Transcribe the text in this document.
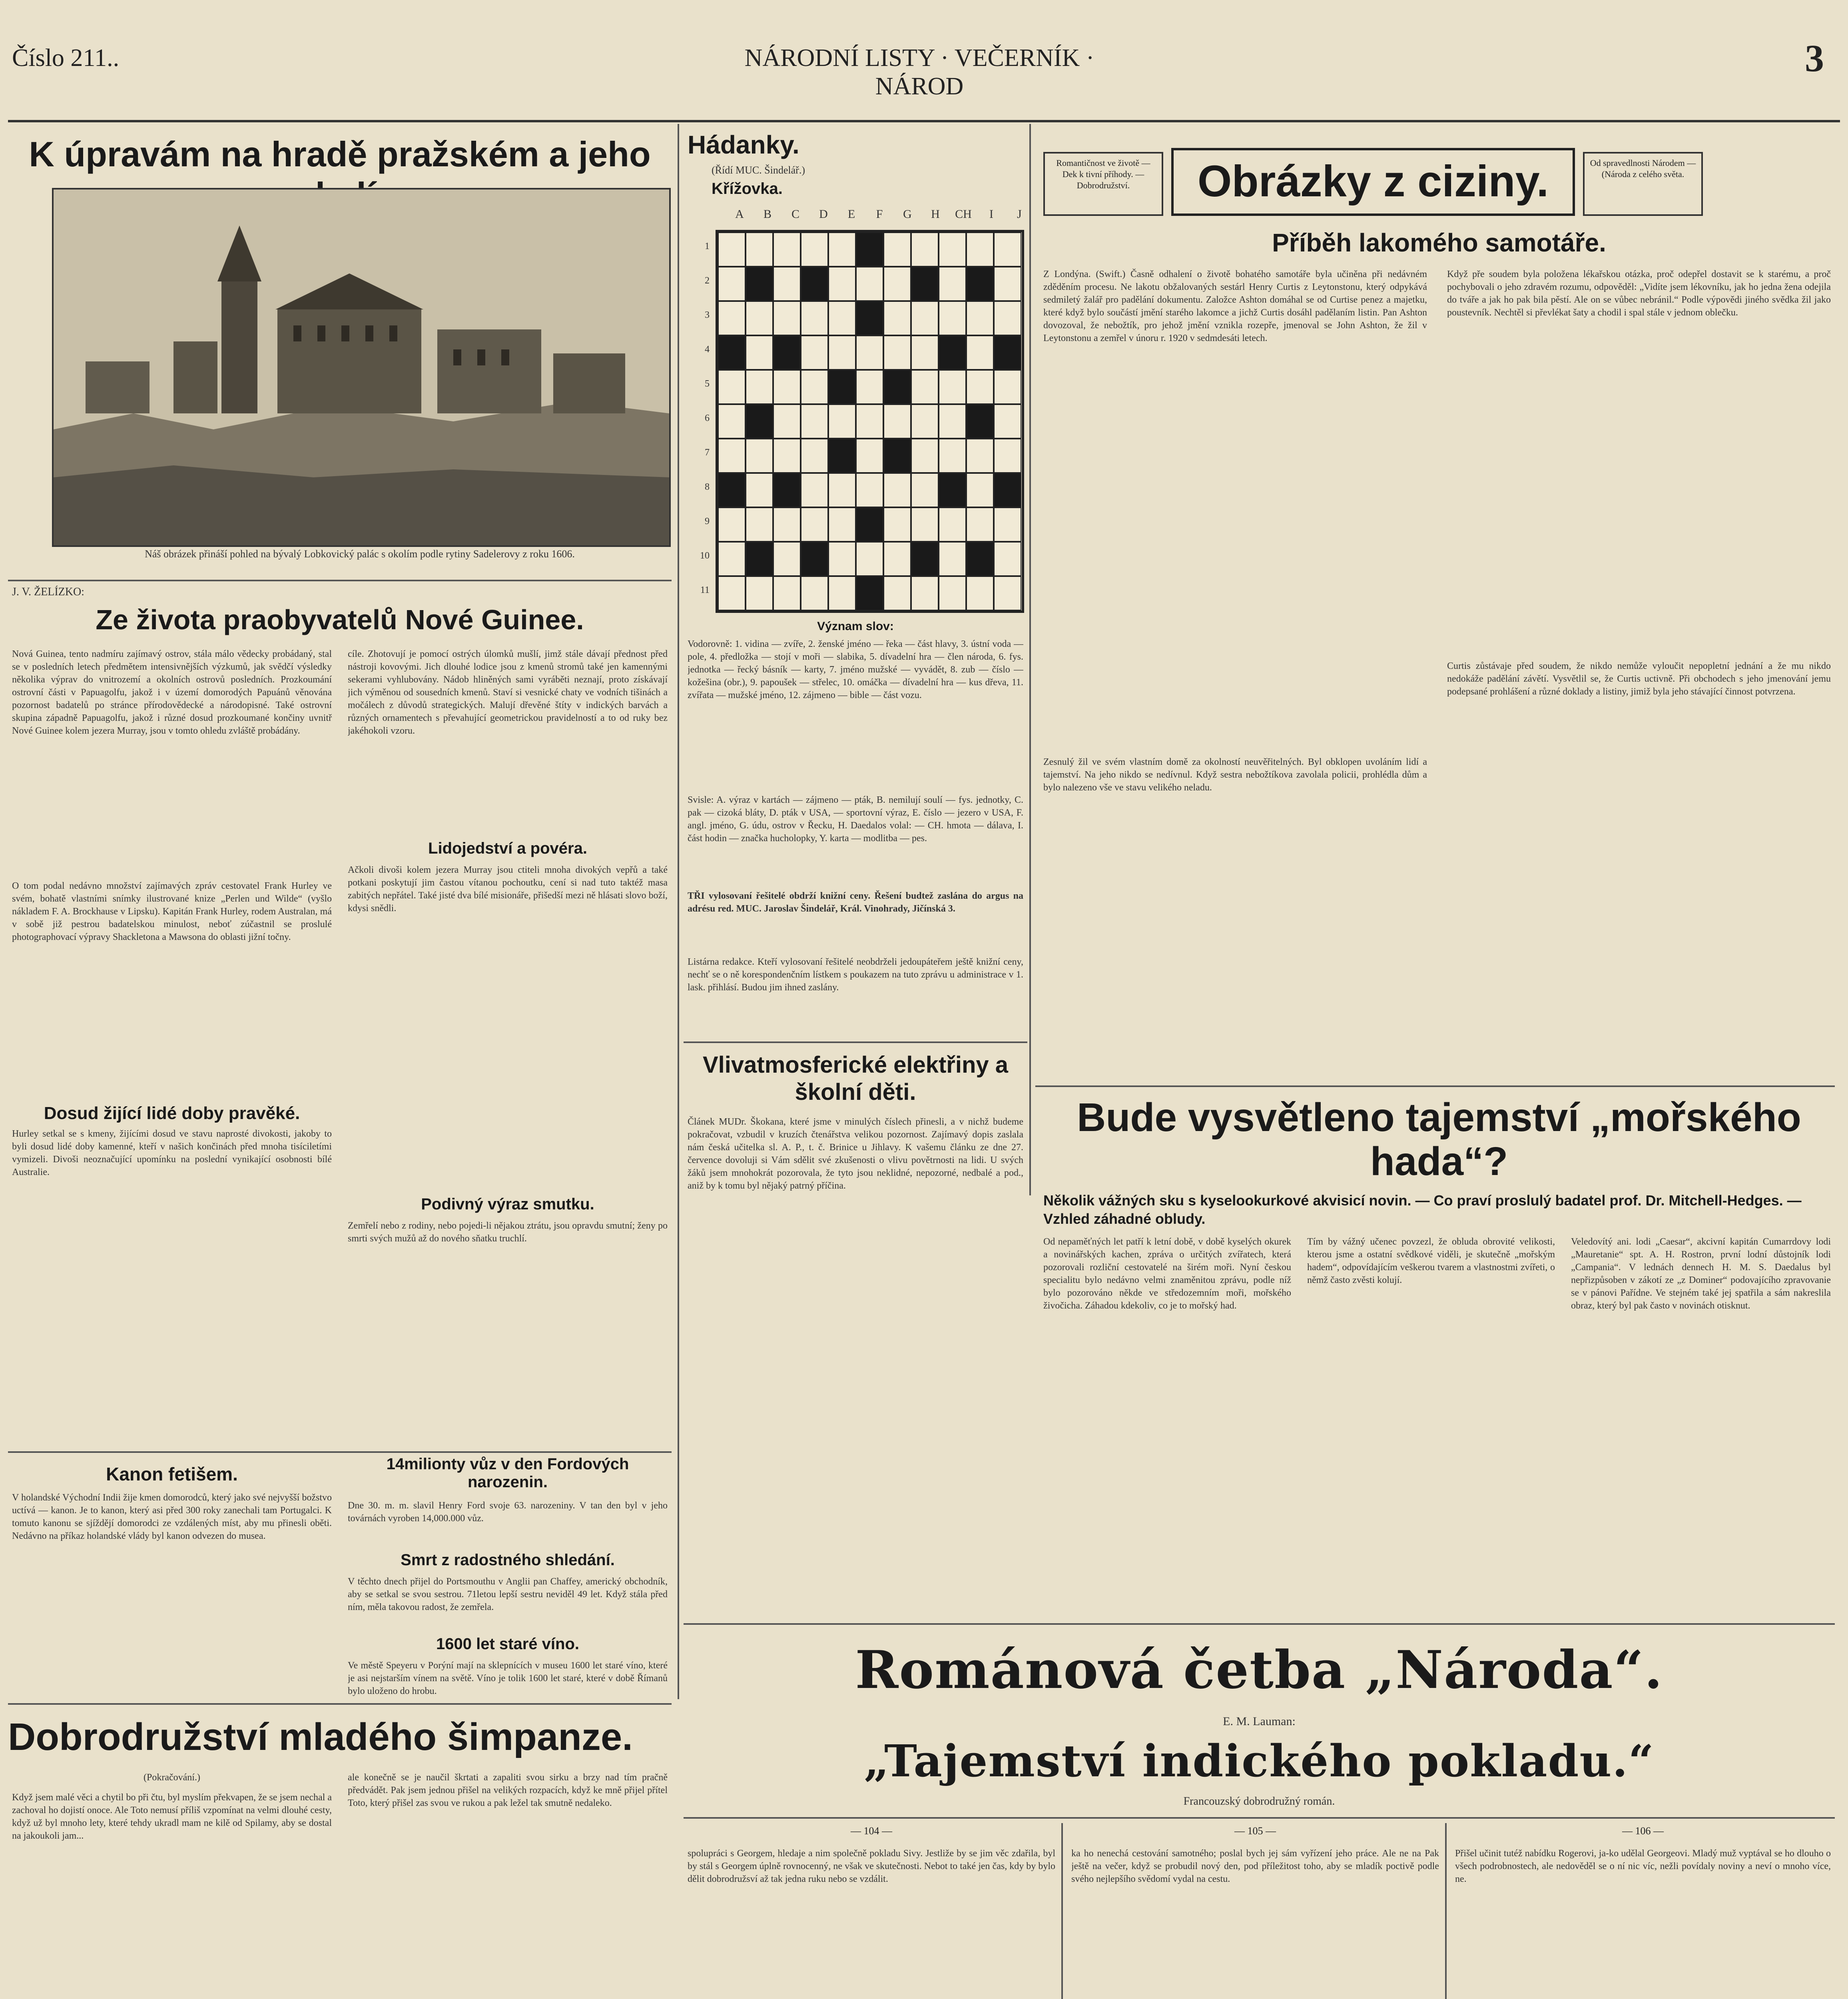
Číslo 211..	NÁRODNÍ LISTY · VEČERNÍK · NÁROD
3
K úpravám na hradě pražském a jeho
Náš obrázek přináší pohled na bývalý Lobkovický palác s okolím podle rytiny Sadelerovy z roku 1606.
J. V. ŽELÍZKO:
Ze života praobyvatelů Nové Guinee.
Nová Guinea, tento nadmíru zajímavý ostrov, stála málo vědecky probádaný, stal se v posledních letech předmětem intensivnějších výzkumů, jak svědčí výsledky několika výprav do vnitrozemí a okolních ostrovů posledních. Prozkoumání ostrovní části v Papuagolfu, jakož i v území domorodých Papuánů věnována pozornost badatelů po stránce přírodovědecké a národopisné. Také ostrovní skupina západně Papuagolfu, jakož i různé dosud prozkoumané končiny uvnitř Nové Guinee kolem jezera Murray, jsou v tomto ohledu zvláště probádány.
O tom podal nedávno množství zajímavých zpráv cestovatel Frank Hurley ve svém, bohatě vlastními snímky ilustrované knize „Perlen und Wilde“ (vyšlo nákladem F. A. Brockhause v Lipsku). Kapitán Frank Hurley, rodem Australan, má v sobě již pestrou badatelskou minulost, neboť zúčastnil se proslulé photographovací výpravy Shackletona a Mawsona do oblasti jižní točny.
Dosud žijící lidé doby pravěké.
Hurley setkal se s kmeny, žijícími dosud ve stavu naprosté divokosti, jakoby to byli dosud lidé doby kamenné, kteří v našich končinách před mnoha tisíciletími vymizeli. Divoši neoznačující upomínku na poslední vynikající osobnosti bílé Australie.
cíle. Zhotovují je pomocí ostrých úlomků mušlí, jimž stále dávají přednost před nástroji kovovými. Jich dlouhé lodice jsou z kmenů stromů také jen kamennými sekerami vyhlubovány. Nádob hliněných sami vyráběti neznají, proto získávají jich výměnou od sousedních kmenů. Staví si vesnické chaty ve vodních tišinách a močálech z důvodů strategických. Malují dřevěné štíty v indických barvách a různých ornamentech s převahující geometrickou pravidelností a to od ruky bez jakéhokoli vzoru.
Lidojedství a povéra.
Ačkoli divoši kolem jezera Murray jsou ctiteli mnoha divokých vepřů a také potkani poskytují jim častou vítanou pochoutku, cení si nad tuto taktéž masa zabitých nepřátel. Také jisté dva bílé misionáře, přišedší mezi ně hlásati slovo boží, kdysi snědli.
Podivný výraz smutku.
Zemřelí nebo z rodiny, nebo pojedi-li nějakou ztrátu, jsou opravdu smutní; ženy po smrti svých mužů až do nového sňatku truchlí.
Kanon fetišem.
V holandské Východní Indii žije kmen domorodců, který jako své nejvyšší božstvo uctívá — kanon. Je to kanon, který asi před 300 roky zanechali tam Portugalci. K tomuto kanonu se sjíždějí domorodci ze vzdálených míst, aby mu přinesli oběti. Nedávno na příkaz holandské vlády byl kanon odvezen do musea.
14milionty vůz v den Fordových narozenin.
Dne 30. m. m. slavil Henry Ford svoje 63. narozeniny. V tan den byl v jeho továrnách vyroben 14,000.000 vůz.
Smrt z radostného shledání.
V těchto dnech přijel do Portsmouthu v Anglii pan Chaffey, americký obchodník, aby se setkal se svou sestrou. 71letou lepší sestru neviděl 49 let. Když stála před ním, měla takovou radost, že zemřela.
1600 let staré víno.
Ve městě Speyeru v Porýní mají na sklepnících v museu 1600 let staré víno, které je asi nejstarším vínem na světě. Víno je tolik 1600 let staré, které v době Římanů bylo uloženo do hrobu.
Dobrodružství mladého šimpanze.
(Pokračování.)
Když jsem malé věci a chytil bo při čtu, byl myslím překvapen, že se jsem nechal a zachoval ho dojistí onoce. Ale Toto nemusí příliš vzpomínat na velmi dlouhé cesty, když už byl mnoho lety, které tehdy ukradl mam ne kilě od Spilamy, aby se dostal na jakoukoli jam...
ale konečně se je naučil škrtati a zapaliti svou sirku a brzy nad tím pračně předvádět. Pak jsem jednou přišel na velikých rozpacích, když ke mně přijel přítel Toto, který přišel zas svou ve rukou a pak ležel tak smutně nedaleko.
Hádanky.
(Řídí MUC. Šindelář.)
Křížovka.
A	B	C	D	E	F	G	H	CH	I	J
1
2
3
4
5
6
7
8
9
10
11
Význam slov:
Vodorovně: 1. vidina — zvíře, 2. ženské jméno — řeka — část hlavy, 3. ústní voda — pole, 4. předložka — stojí v moři — slabika, 5. dívadelní hra — člen národa, 6. fys. jednotka — řecký básník — karty, 7. jméno mužské — vyvádět, 8. zub — číslo — kožešina (obr.), 9. papoušek — střelec, 10. omáčka — dívadelní hra — kus dřeva, 11. zvířata — mužské jméno, 12. zájmeno — bible — část vozu.
Svisle: A. výraz v kartách — zájmeno — pták, B. nemilují soulí — fys. jednotky, C. pak — cizoká bláty, D. pták v USA, — sportovní výraz, E. číslo — jezero v USA, F. angl. jméno, G. údu, ostrov v Řecku, H. Daedalos volal: — CH. hmota — dálava, I. část hodin — značka hucholopky, Y. karta — modlitba — pes.
TŘI vylosovaní řešitelé obdrží knižní ceny. Řešení budtež zaslána do argus na adrésu red. MUC. Jaroslav Šindelář, Král. Vinohrady, Jičínská 3.
Listárna redakce. Kteří vylosovaní řešitelé neobdrželi jedoupáteřem ještě knižní ceny, nechť se o ně korespondenčním lístkem s poukazem na tuto zprávu u administrace v 1. lask. přihlásí. Budou jim ihned zaslány.
Vlivatmosferické elektřiny a školní děti.
Článek MUDr. Škokana, které jsme v minulých číslech přinesli, a v nichž budeme pokračovat, vzbudil v kruzích čtenářstva velikou pozornost. Zajímavý dopis zaslala nám česká učitelka sl. A. P., t. č. Brinice u Jihlavy. K vašemu článku ze dne 27. července dovoluji si Vám sdělit své zkušenosti o vlivu povětrnosti na lidi. U svých žáků jsem mnohokrát pozorovala, že tyto jsou neklidné, nepozorné, nedbalé a pod., aniž by k tomu byl nějaký patrný příčina.
Romantičnost ve životě — Dek k tivní příhody. — Dobrodružství.	Obrázky z ciziny.	Od spravedlnosti Národem — (Národa z celého světa.
Příběh lakomého samotáře.
Z Londýna. (Swift.) Časně odhalení o životě bohatého samotáře byla učiněna při nedávném zděděním procesu. Ne lakotu obžalovaných sestárl Henry Curtis z Leytonstonu, který odpykává sedmiletý žalář pro padělání dokumentu. Založce Ashton domáhal se od Curtise penez a majetku, které když bylo součástí jmění starého lakomce a jichž Curtis dosáhl padělaním listin. Pan Ashton dovozoval, že nebožtík, pro jehož jmění vznikla rozepře, jmenoval se John Ashton, že žil v Leytonstonu a zemřel v únoru r. 1920 v sedmdesáti letech.
Zesnulý žil ve svém vlastním domě za okolností neuvěřitelných. Byl obklopen uvoláním lidí a tajemství. Na jeho nikdo se nedívnul. Když sestra nebožtíkova zavolala policii, prohlédla dům a bylo nalezeno vše ve stavu velikého neladu.
Když pře soudem byla položena lékařskou otázka, proč odepřel dostavit se k starému, a proč pochybovali o jeho zdravém rozumu, odpověděl: „Vidíte jsem lékovníku, jak ho jedna žena odejila do tváře a jak ho pak bila pěstí. Ale on se vůbec nebránil.“ Podle výpovědi jiného svědka žil jako poustevník. Nechtěl si převlékat šaty a chodil i spal stále v jednom oblečku.
Curtis zůstávaje před soudem, že nikdo nemůže vyloučit nepopletní jednání a že mu nikdo nedokáže padělání závětí. Vysvětlil se, že Curtis uctivně. Při obchodech s jeho jmenování jemu podepsané prohlášení a různé doklady a listiny, jimiž byla jeho stávající činnost potvrzena.
Bude vysvětleno tajemství „mořského hada“?
Několik vážných sku s kyselookurkové akvisicí novin. — Co praví proslulý badatel prof. Dr. Mitchell-Hedges. — Vzhled záhadné obludy.
Od nepaměťných let patří k letní době, v době kyselých okurek a novinářských kachen, zpráva o určitých zvířatech, která pozorovali rozliční cestovatelé na širém moři. Nyní českou specialitu bylo nedávno velmi znaměnitou zprávu, podle níž bylo pozorováno někde ve středozemním moři, mořského živočicha. Záhadou kdekoliv, co je to mořský had.
Tím by vážný učenec povzezl, že obluda obrovité velikosti, kterou jsme a ostatní svědkové viděli, je skutečně „mořským hadem“, odpovídajícím veškerou tvarem a vlastnostmi zvířeti, o němž často zvěsti kolují.
Veledovítý ani. lodi „Caesar“, akcivní kapitán Cumarrdovy lodi „Mauretanie“ spt. A. H. Rostron, první lodní důstojník lodi „Campania“. V lednách dennech H. M. S. Daedalus byl nepřizpůsoben v zákotí ze „z Dominer“ podovajícího zpravovanie se v pánovi Pařídne. Ve stejném také jej spatřila a sám nakreslila obraz, který byl pak často v novinách otisknut.
Románová četba „Národa“.
E. M. Lauman:
„Tajemství indického pokladu.“
Francouzský dobrodružný román.
— 104 —	— 105 —	— 106 —
spolupráci s Georgem, hledaje a nim společně pokladu Sivy. Jestliže by se jim věc zdařila, byl by stál s Georgem úplně rovnocenný, ne však ve skutečnosti. Nebot to také jen čas, kdy by bylo dělit dobrodružsví až tak jedna ruku nebo se vzdálit.
ka ho nenechá cestování samotného; poslal bych jej sám vyřízení jeho práce. Ale ne na Pak ještě na večer, když se probudil nový den, pod příležitost toho, aby se mladík poctivě podle svého nejlepšího svědomí vydal na cestu.
Přišel učinit tutéž nabídku Rogerovi, ja-ko udělal Georgeovi. Mladý muž vyptával se ho dlouho o všech podrobnostech, ale nedověděl se o ní nic víc, nežli povídaly noviny a neví o mnoho více, ne.
